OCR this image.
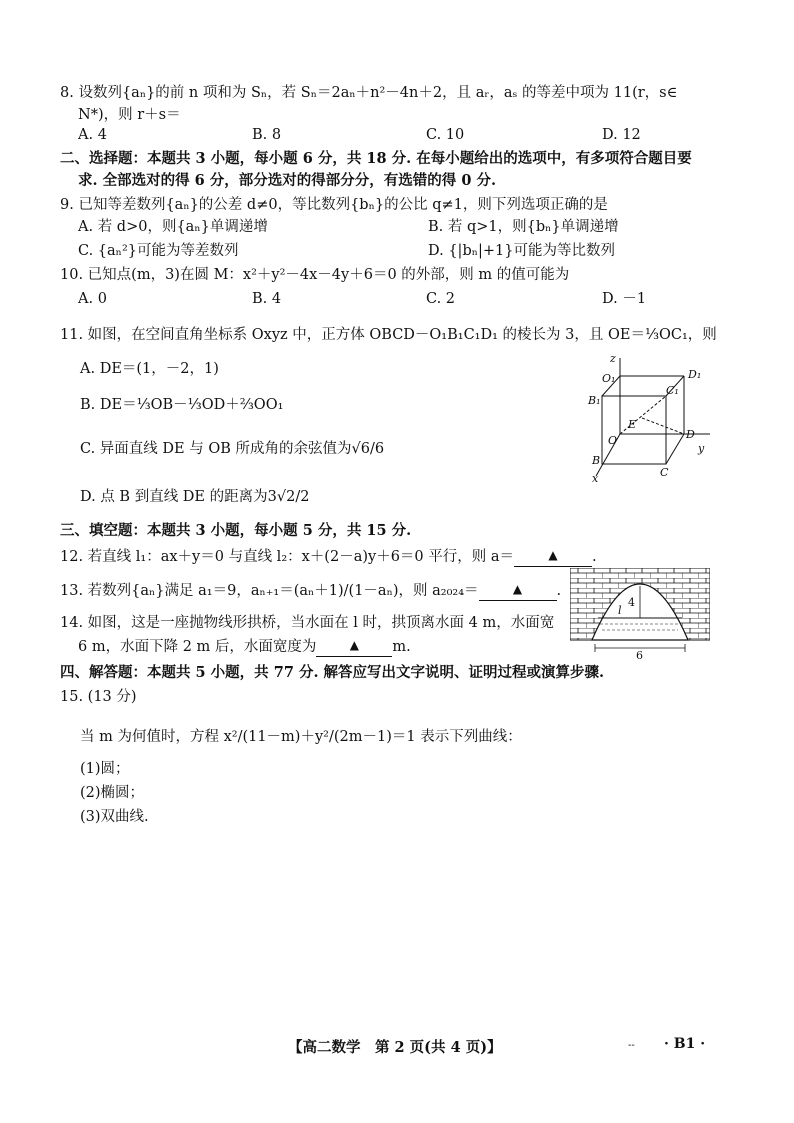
8. 设数列{aₙ}的前 n 项和为 Sₙ，若 Sₙ＝2aₙ＋n²－4n＋2，且 aᵣ，aₛ 的等差中项为 11(r，s∈
N*)，则 r＋s＝
A. 4	B. 8	C. 10	D. 12
二、选择题：本题共 3 小题，每小题 6 分，共 18 分. 在每小题给出的选项中，有多项符合题目要
求. 全部选对的得 6 分，部分选对的得部分分，有选错的得 0 分.
9. 已知等差数列{aₙ}的公差 d≠0，等比数列{bₙ}的公比 q≠1，则下列选项正确的是
A. 若 d>0，则{aₙ}单调递增	B. 若 q>1，则{bₙ}单调递增
C. {aₙ²}可能为等差数列	D. {|bₙ|+1}可能为等比数列
10. 已知点(m，3)在圆 M：x²＋y²－4x－4y＋6＝0 的外部，则 m 的值可能为
A. 0	B. 4	C. 2	D. －1
11. 如图，在空间直角坐标系 Oxyz 中，正方体 OBCD－O₁B₁C₁D₁ 的棱长为 3，且 OE＝⅓OC₁，则
A. DE＝(1，－2，1)
B. DE＝⅓OB－⅓OD＋⅔OO₁
C. 异面直线 DE 与 OB 所成角的余弦值为√6/6
D. 点 B 到直线 DE 的距离为3√2/2
z
O₁	D₁
B₁
C₁
E
O	D
y
B
C
x
三、填空题：本题共 3 小题，每小题 5 分，共 15 分.
12. 若直线 l₁：ax＋y＝0 与直线 l₂：x＋(2－a)y＋6＝0 平行，则 a＝	▲ .
13. 若数列{aₙ}满足 a₁＝9，aₙ₊₁＝(aₙ＋1)/(1－aₙ)，则 a₂₀₂₄＝	▲ .
14. 如图，这是一座抛物线形拱桥，当水面在 l 时，拱顶离水面 4 m，水面宽
6 m，水面下降 2 m 后，水面宽度为	▲ m.
4
l
6
四、解答题：本题共 5 小题，共 77 分. 解答应写出文字说明、证明过程或演算步骤.
15. (13 分)
当 m 为何值时，方程 x²/(11－m)＋y²/(2m－1)＝1 表示下列曲线：
(1)圆；
(2)椭圆；
(3)双曲线.
【高二数学　第 2 页(共 4 页)】	-- · B1 ·
